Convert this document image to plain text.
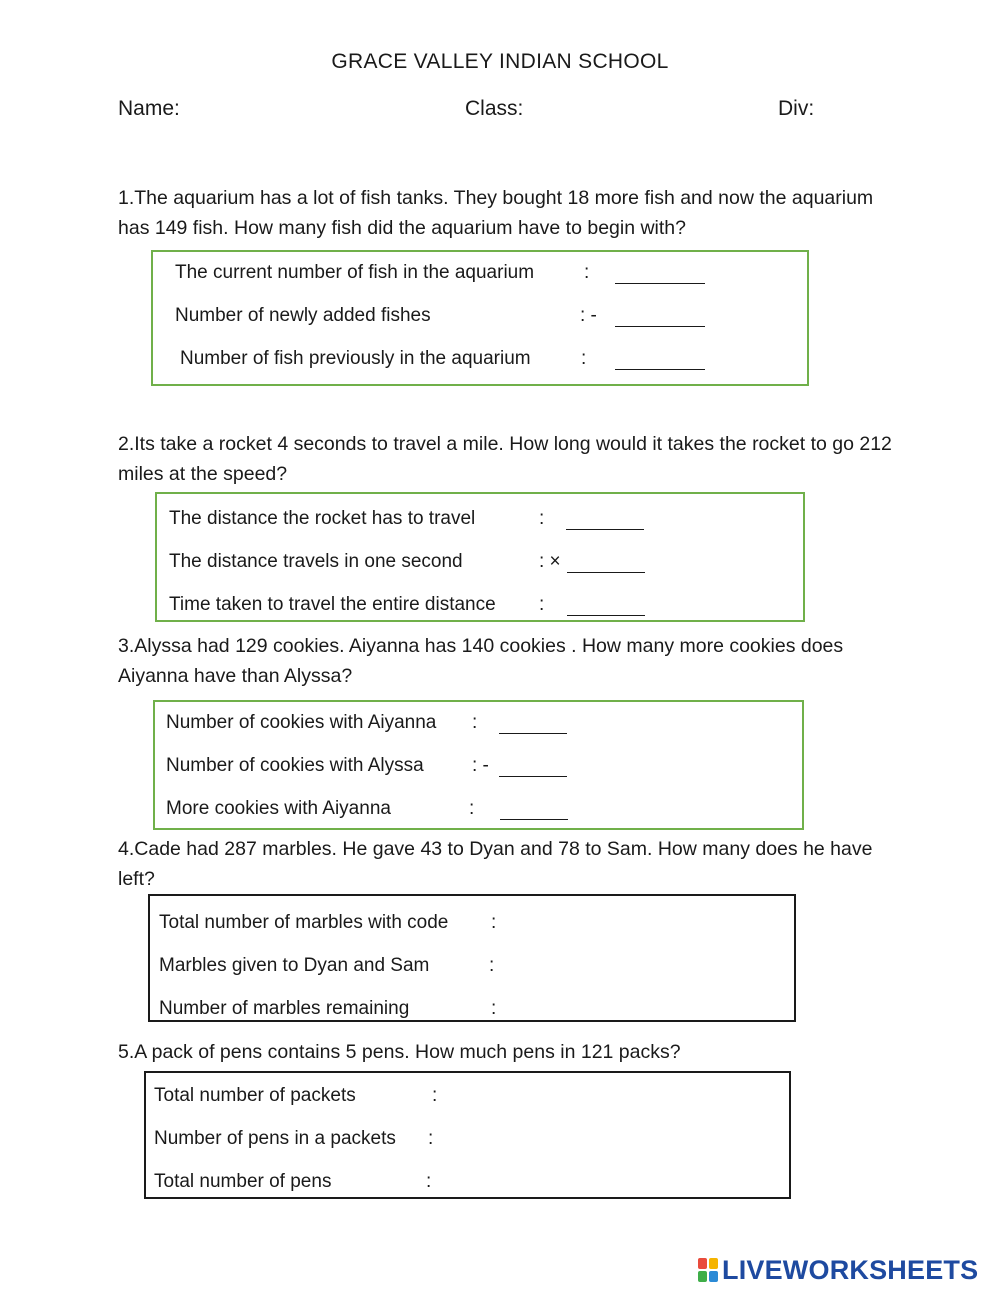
GRACE VALLEY INDIAN SCHOOL
Name:	Class:	Div:
1.The aquarium has a lot of fish tanks. They bought 18 more fish and now the aquarium has 149 fish. How many fish did the aquarium have to begin with?
The current number of fish in the aquarium	:
Number of newly added fishes	: -
Number of fish previously in the aquarium	:
2.Its take a rocket 4 seconds to travel a mile. How long would it takes the rocket to go 212 miles at the speed?
The distance the rocket has to travel	:
The distance travels in one second	: ×
Time taken to travel the entire distance :
3.Alyssa had 129 cookies. Aiyanna has 140 cookies . How many more cookies does Aiyanna have than Alyssa?
Number of cookies with Aiyanna :
Number of cookies with Alyssa	: -
More cookies with Aiyanna	:
4.Cade had 287 marbles. He gave 43 to Dyan and 78 to Sam. How many does he have left?
Total number of marbles with code :
Marbles given to Dyan and Sam	:
Number of marbles remaining	:
5.A pack of pens contains 5 pens. How much pens in 121 packs?
Total number of packets	:
Number of pens in a packets :
Total number of pens	:
LIVEWORKSHEETS
